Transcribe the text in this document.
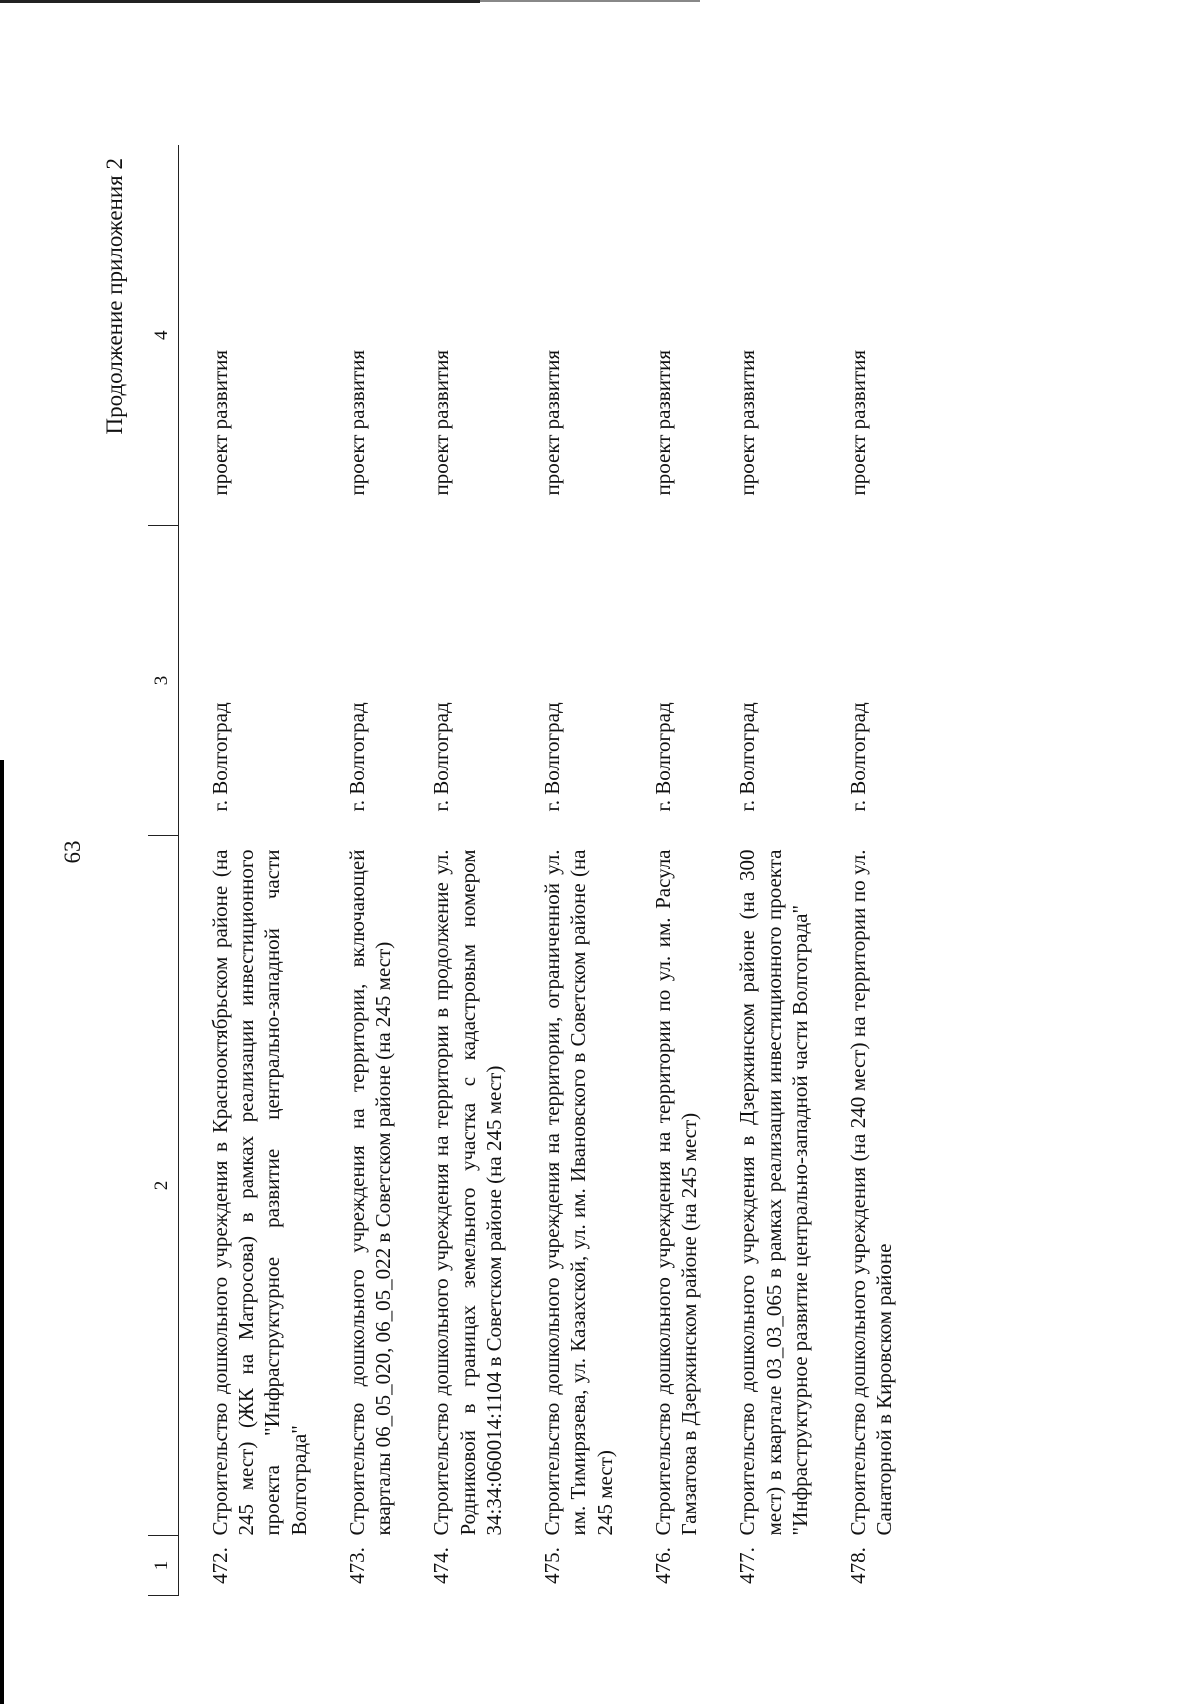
63
Продолжение приложения 2
1	2	3	4
472.	Строительство дошкольного учреждения в Краснооктябрьском районе (на 245 мест) (ЖК на Матросова) в рамках реализации инвестиционного проекта "Инфраструктурное развитие центрально-западной части Волгограда"	г. Волгоград	проект развития
473.	Строительство дошкольного учреждения на территории, включающей кварталы 06_05_020, 06_05_022 в Советском районе (на 245 мест)	г. Волгоград	проект развития
474.	Строительство дошкольного учреждения на территории в продолжение ул. Родниковой в границах земельного участка с кадастровым номером 34:34:060014:1104 в Советском районе (на 245 мест)	г. Волгоград	проект развития
475.	Строительство дошкольного учреждения на территории, ограниченной ул. им. Тимирязева, ул. Казахской, ул. им. Ивановского в Советском районе (на 245 мест)	г. Волгоград	проект развития
476.	Строительство дошкольного учреждения на территории по ул. им. Расула Гамзатова в Дзержинском районе (на 245 мест)	г. Волгоград	проект развития
477.	Строительство дошкольного учреждения в Дзержинском районе (на 300 мест) в квартале 03_03_065 в рамках реализации инвестиционного проекта "Инфраструктурное развитие центрально-западной части Волгограда"	г. Волгоград	проект развития
478.	Строительство дошкольного учреждения (на 240 мест) на территории по ул. Санаторной в Кировском районе	г. Волгоград	проект развития
